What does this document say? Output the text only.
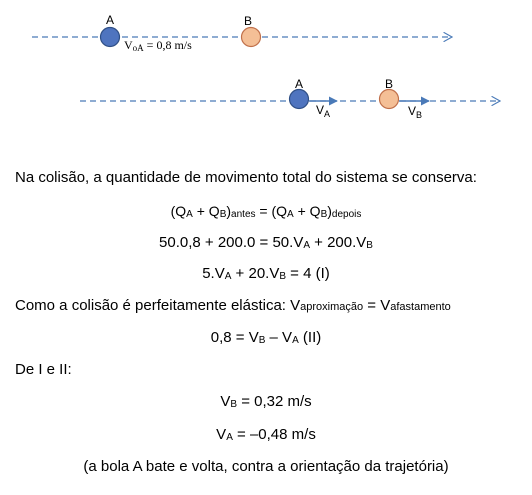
A	B
VoA = 0,8 m/s
A	B
$V_A$	$V_B$
Na colisão, a quantidade de movimento total do sistema se conserva:
(QA + QB)antes = (QA + QB)depois
50.0,8 + 200.0 = 50.VA + 200.VB
5.VA + 20.VB = 4 (I)
Como a colisão é perfeitamente elástica: Vaproximação = Vafastamento
0,8 = VB – VA (II)
De I e II:
VB = 0,32 m/s
VA = –0,48 m/s
(a bola A bate e volta, contra a orientação da trajetória)
